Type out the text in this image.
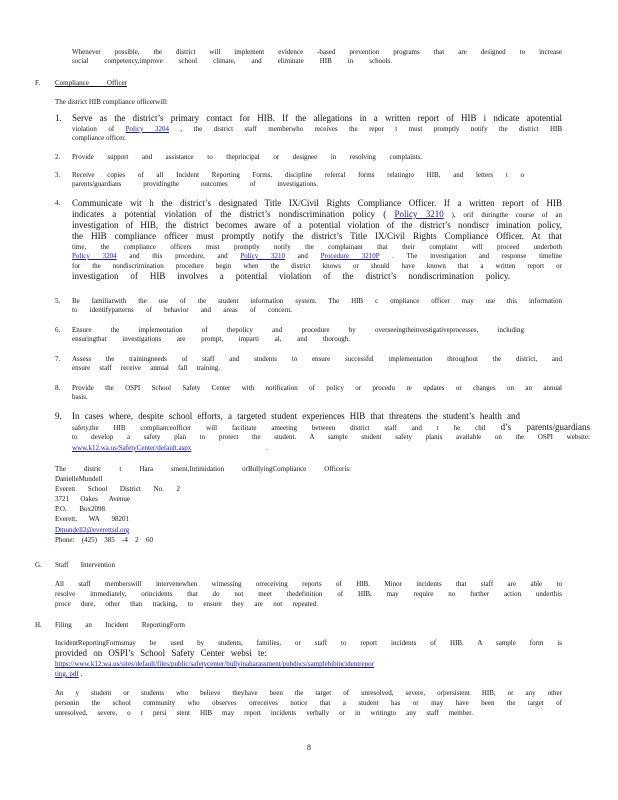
Whenever possible, the district will implement evidence -based prevention programs that are designed to increase
social competency,improve school climate, and eliminate HIB in schools.
F. Compliance Officer
The district HIB compliance officerwill:
1. Serve as the district’s primary contact for HIB. If the allegations in a written report of HIB i ndicate apotential
violation of Policy 3204 , the district staff memberwho receives the repor t must promptly notify the district HIB
compliance officer.
2. Provide support and assistance to theprincipal or designee in resolving complaints.
3. Receive copies of all Incident Reporting Forms, discipline referral forms relatingto HIB, and letters t o
parents/guardians providingthe outcomes of investigations.
4. Communicate wit h the district’s designated Title IX/Civil Rights Compliance Officer. If a written report of HIB
indicates a potential violation of the district’s nondiscrimination policy ( Policy 3210 ), orif duringthe course of an
investigation of HIB, the district becomes aware of a potential violation of the district’s nondiscr imination policy,
the HIB compliance officer must promptly notify the district’s Title IX/Civil Rights Compliance Officer. At that
time, the compliance officers must promptly notify the complainant that their complaint will proceed underboth
Policy 3204 and this procedure, and Policy 3210 and Procedure 3210P . The investigation and response timeline
for the nondiscrimination procedure begin when the district knows or should have known that a written report or
investigation of HIB involves a potential violation of the district’s nondiscrimination policy.
5. Be familiarwith the use of the student information system. The HIB c ompliance officer may use this information
to identifypatterns of behavior and areas of concern.
6. Ensure the implementation of thepolicy and procedure by overseeingtheinvestigativeprocesses, including
ensuringthat investigations are prompt, imparti al, and thorough.
7. Assess the trainingneeds of staff and students to ensure successful implementation throughout the district, and
ensure staff receive annual fall training.
8. Provide the OSPI School Safety Center with notification of policy or procedu re updates or changes on an annual
basis.
9. In cases where, despite school efforts, a targeted student experiences HIB that threatens the student’s health and
safety,the HIB complianceofficer will facilitate ameeting between district staff and t he chil d’s parents/guardians
to develop a safety plan to protect the student. A sample student safety planis available on the OSPI website:
www.k12.wa.us/SafetyCenter/default.aspx .
The distric t Hara sment,Intimidation orBullyingCompliance Officeris:
DanielleMundell
Everett School District No. 2
3721 Oakes Avenue
P.O. Box2098
Everett, WA 98201
Dmundell2@everettsd.org
Phone: (425) 385 -4 2 60
G. Staff Intervention
All staff memberswill intervenewhen witnessing orreceiving reports of HIB. Minor incidents that staff are able to
resolve immediately, orincidents that do not meet thedefinition of HIB, may require no further action underthis
proce dure, other than tracking, to ensure they are not repeated.
H. Filing an Incident ReportingForm
IncidentReportingFormsmay be used by students, families, or staff to report incidents of HIB. A sample form is
provided on OSPI’s School Safety Center websi te:
https://www.k12.wa.us/sites/default/files/public/safetycenter/bullyinaharassment/pubdocs/samplehibincidentrepor
ting. pdf .
An y student or students who believe theyhave been the target of unresolved, severe, orpersistent HIB, or any other
personin the school community who observes orreceives notice that a student has or may have been the target of
unresolved, severe, o r persi stent HIB may report incidents verbally or in writingto any staff member.
8
